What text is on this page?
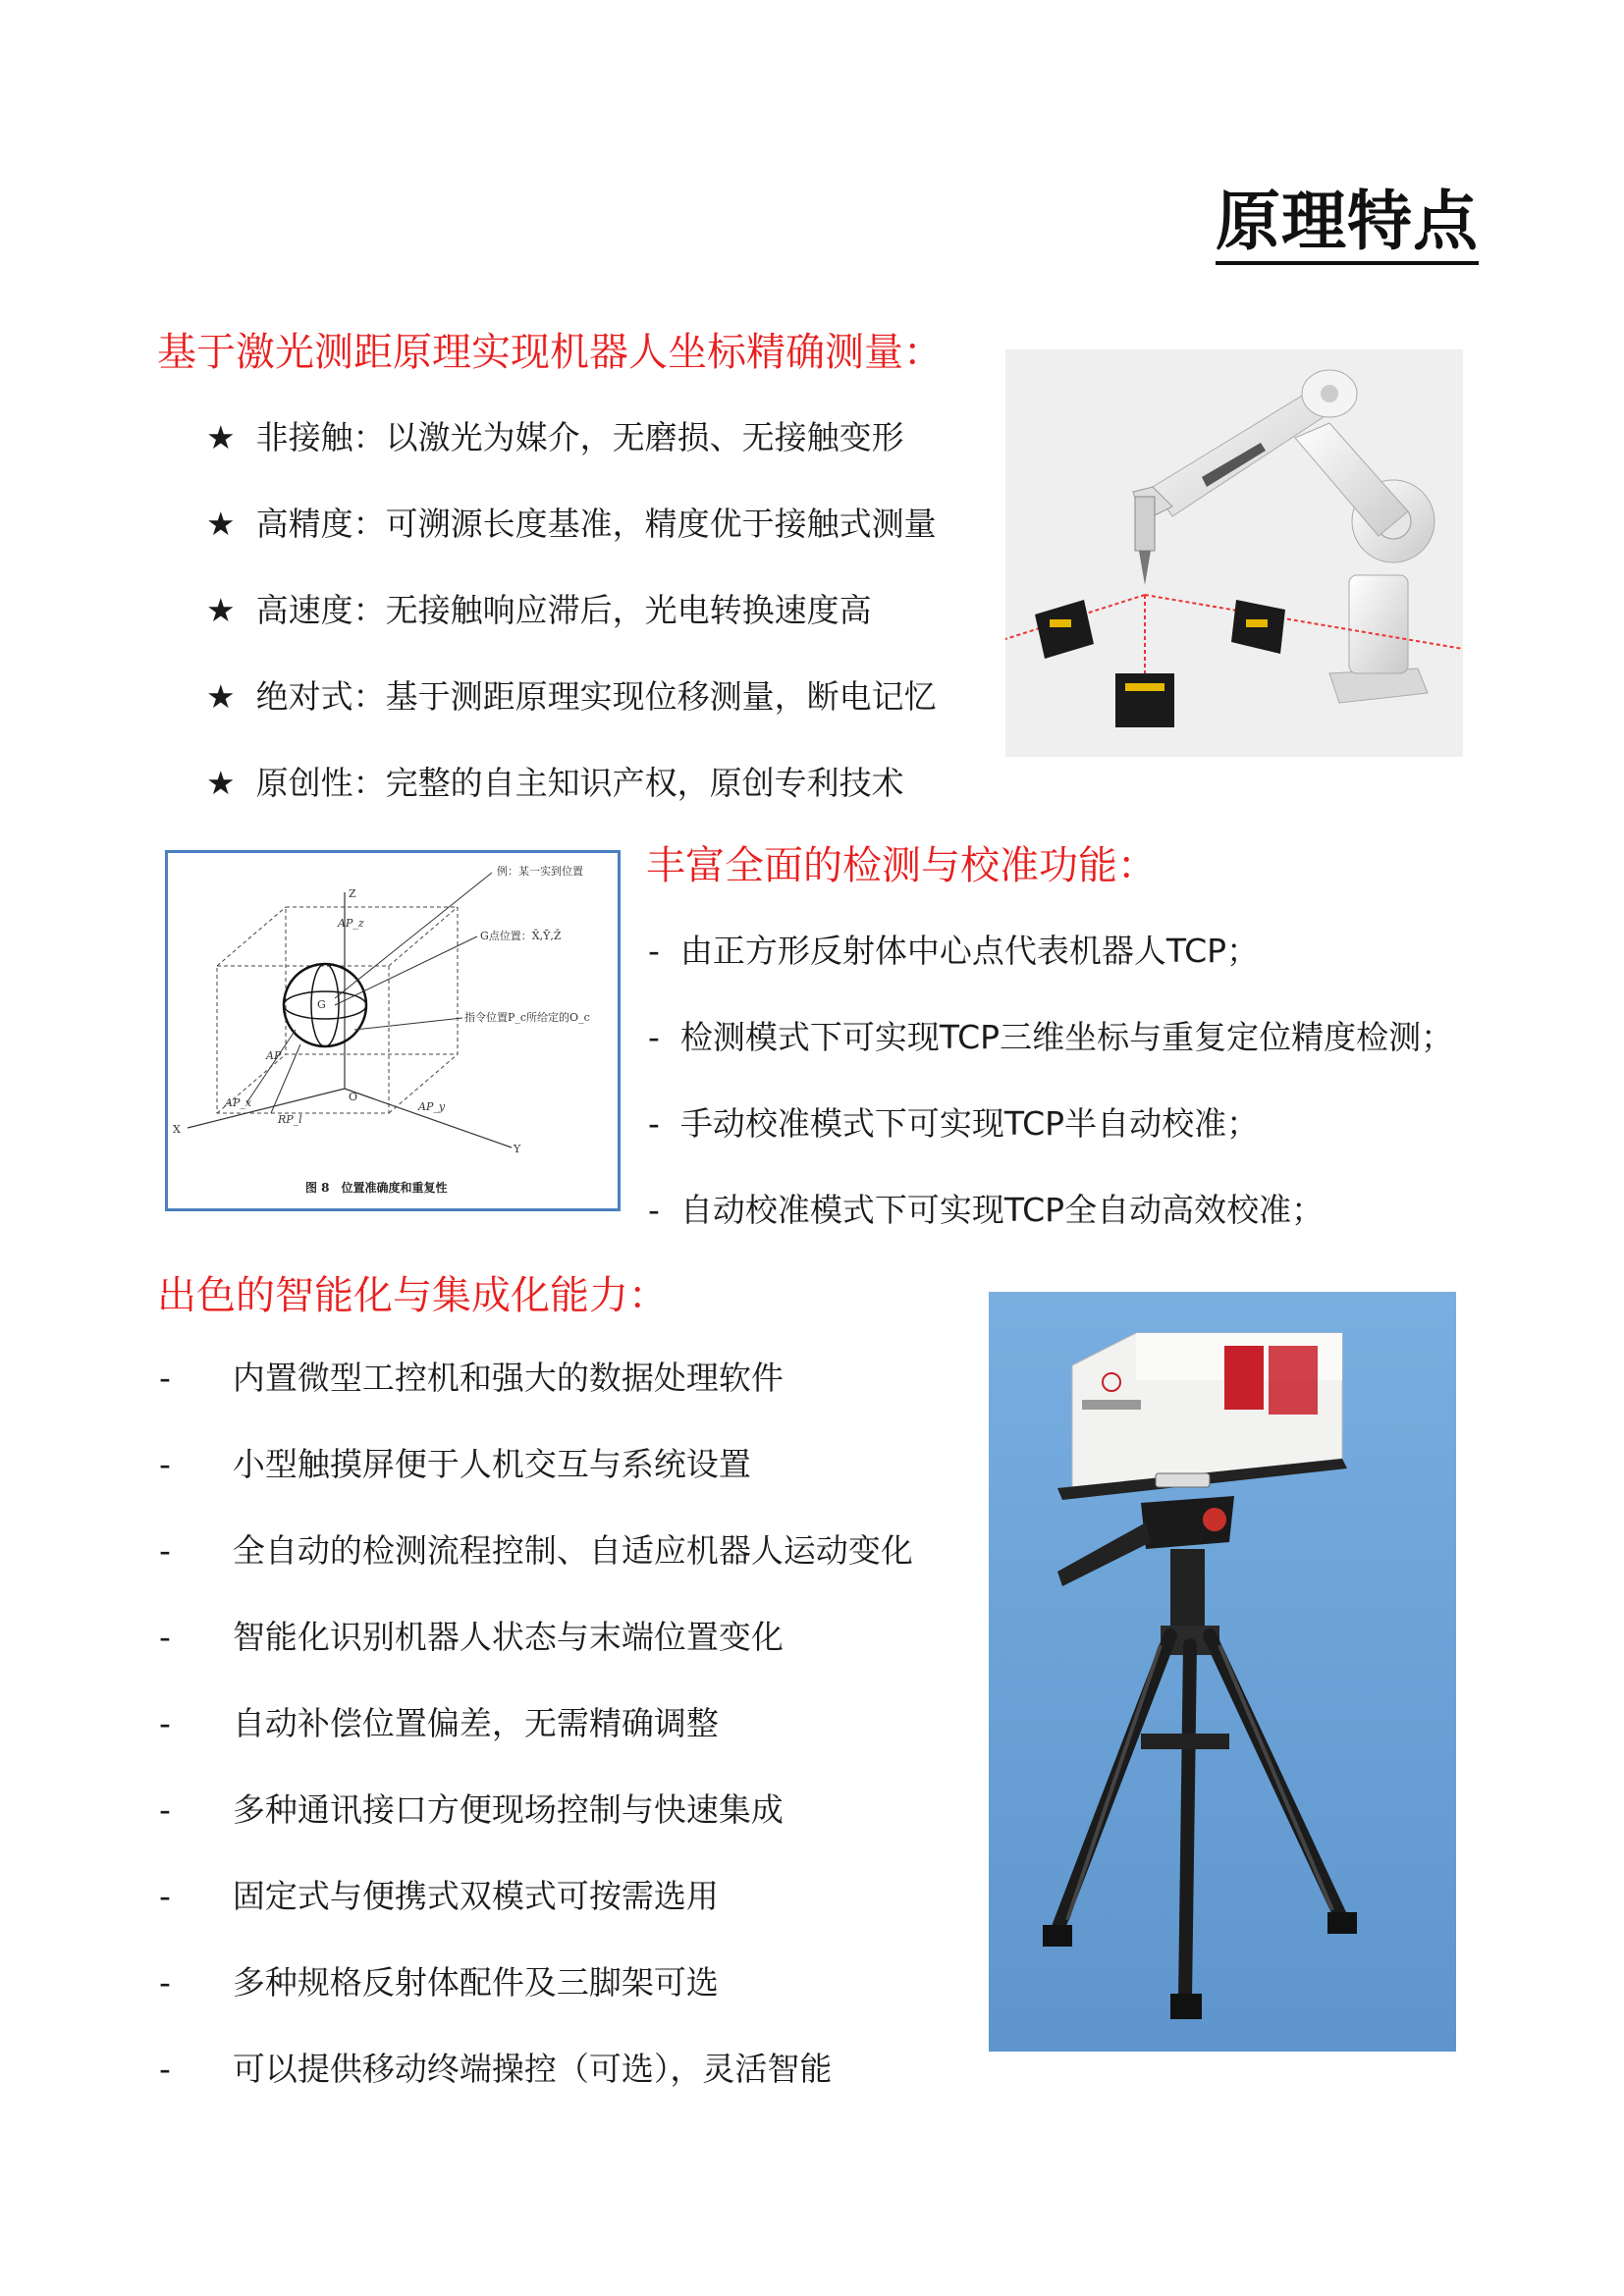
原理特点
基于激光测距原理实现机器人坐标精确测量：
★ 非接触：以激光为媒介，无磨损、无接触变形
★ 高精度：可溯源长度基准，精度优于接触式测量
★ 高速度：无接触响应滞后，光电转换速度高
★ 绝对式：基于测距原理实现位移测量，断电记忆
★ 原创性：完整的自主知识产权，原创专利技术
例：某一实到位置
G点位置：X̄,Ȳ,Z̄
指令位置P_c所给定的O_c
Z
X
Y
G
O
AP_z
AP_x	AP_y
AP
RP_l
图 8　位置准确度和重复性
丰富全面的检测与校准功能：
- 由正方形反射体中心点代表机器人TCP；
- 检测模式下可实现TCP三维坐标与重复定位精度检测；
- 手动校准模式下可实现TCP半自动校准；
- 自动校准模式下可实现TCP全自动高效校准；
出色的智能化与集成化能力：
- 内置微型工控机和强大的数据处理软件
- 小型触摸屏便于人机交互与系统设置
- 全自动的检测流程控制、自适应机器人运动变化
- 智能化识别机器人状态与末端位置变化
- 自动补偿位置偏差，无需精确调整
- 多种通讯接口方便现场控制与快速集成
- 固定式与便携式双模式可按需选用
- 多种规格反射体配件及三脚架可选
- 可以提供移动终端操控（可选），灵活智能
